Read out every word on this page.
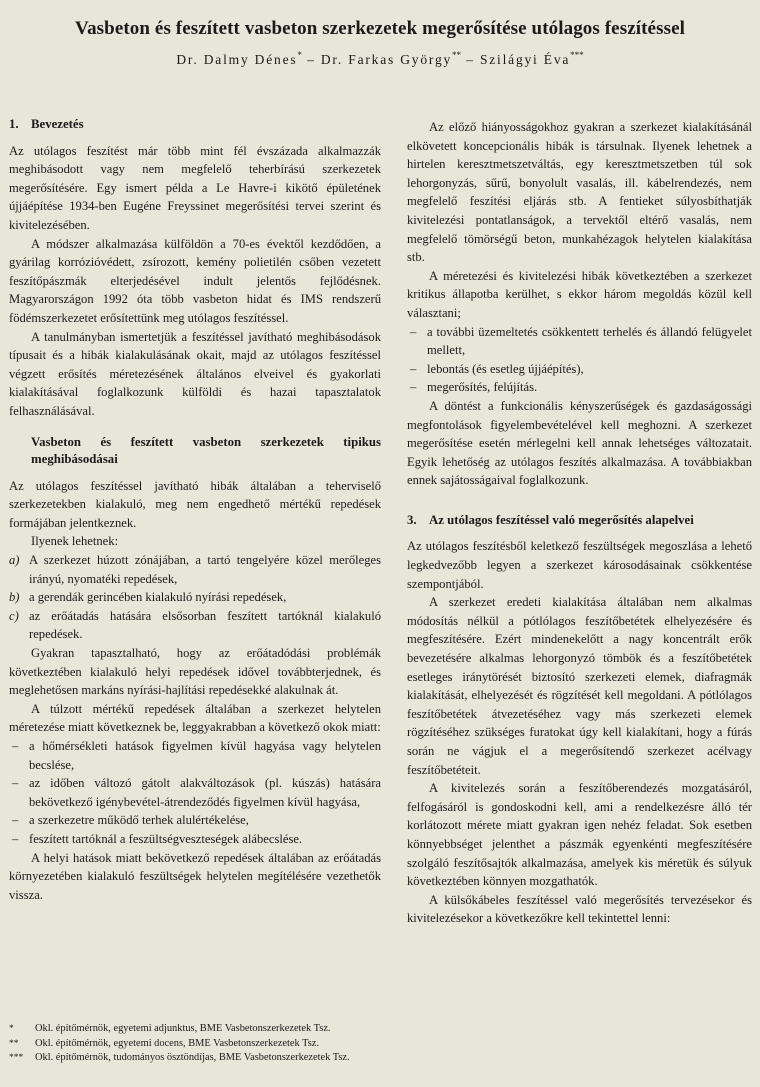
Vasbeton és feszített vasbeton szerkezetek megerősítése utólagos feszítéssel
Dr. Dalmy Dénes* – Dr. Farkas György** – Szilágyi Éva***
1. Bevezetés

Az utólagos feszítést már több mint fél évszázada alkalmazzák meghibásodott vagy nem megfelelő teherbírású szerkezetek megerősítésére. Egy ismert példa a Le Havre-i kikötő épületének újjáépítése 1934-ben Eugéne Freyssinet megerősítési tervei szerint és kivitelezésében.

A módszer alkalmazása külföldön a 70-es évektől kezdődően, a gyárilag korrózióvédett, zsírozott, kemény polietilén csőben vezetett feszítőpászmák elterjedésével indult jelentős fejlődésnek. Magyarországon 1992 óta több vasbeton hidat és IMS rendszerű födémszerkezetet erősítettünk meg utólagos feszítéssel.

A tanulmányban ismertetjük a feszítéssel javítható meghibásodások típusait és a hibák kialakulásának okait, majd az utólagos feszítéssel végzett erősítés méretezésének általános elveivel és gyakorlati kialakításával foglalkozunk külföldi és hazai tapasztalatok felhasználásával.

Vasbeton és feszített vasbeton szerkezetek tipikus meghibásodásai

Az utólagos feszítéssel javítható hibák általában a teherviselő szerkezetekben kialakuló, meg nem engedhető mértékű repedések formájában jelentkeznek.

Ilyenek lehetnek:

a) A szerkezet húzott zónájában, a tartó tengelyére közel merőleges irányú, nyomatéki repedések,
b) a gerendák gerincében kialakuló nyírási repedések,
c) az erőátadás hatására elsősorban feszített tartóknál kialakuló repedések.

Gyakran tapasztalható, hogy az erőátadódási problémák következtében kialakuló helyi repedések idővel továbbterjednek, és meglehetősen markáns nyírási-hajlítási repedésekké alakulnak át.

A túlzott mértékű repedések általában a szerkezet helytelen méretezése miatt következnek be, leggyakrabban a következő okok miatt:

– a hőmérsékleti hatások figyelmen kívül hagyása vagy helytelen becslése,
– az időben változó gátolt alakváltozások (pl. kúszás) hatására bekövetkező igénybevétel-átrendeződés figyelmen kívül hagyása,
– a szerkezetre működő terhek alulértékelése,
– feszített tartóknál a feszültségveszteségek alábecslése.

A helyi hatások miatt bekövetkező repedések általában az erőátadás környezetében kialakuló feszültségek helytelen megítélésére vezethetők vissza.

Az előző hiányosságokhoz gyakran a szerkezet kialakításánál elkövetett koncepcionális hibák is társulnak. Ilyenek lehetnek a hirtelen keresztmetszetváltás, egy keresztmetszetben túl sok lehorgonyzás, sűrű, bonyolult vasalás, ill. kábelrendezés, nem megfelelő feszítési eljárás stb. A fentieket súlyosbíthatják kivitelezési pontatlanságok, a tervektől eltérő vasalás, nem megfelelő tömörségű beton, munkahézagok helytelen kialakítása stb.

A méretezési és kivitelezési hibák következtében a szerkezet kritikus állapotba kerülhet, s ekkor három megoldás közül kell választani;

– a további üzemeltetés csökkentett terhelés és állandó felügyelet mellett,
– lebontás (és esetleg újjáépítés),
– megerősítés, felújítás.

A döntést a funkcionális kényszerűségek és gazdaságossági megfontolások figyelembevételével kell meghozni. A szerkezet megerősítése esetén mérlegelni kell annak lehetséges változatait. Egyik lehetőség az utólagos feszítés alkalmazása. A továbbiakban ennek sajátosságaival foglalkozunk.

3. Az utólagos feszítéssel való megerősítés alapelvei

Az utólagos feszítésből keletkező feszültségek megoszlása a lehető legkedvezőbb legyen a szerkezet károsodásainak csökkentése szempontjából.

A szerkezet eredeti kialakítása általában nem alkalmas módosítás nélkül a pótlólagos feszítőbetétek elhelyezésére és megfeszítésére. Ezért mindenekelőtt a nagy koncentrált erők bevezetésére alkalmas lehorgonyzó tömbök és a feszítőbetétek esetleges iránytörését biztosító szerkezeti elemek, diafragmák kialakítását, elhelyezését és rögzítését kell megoldani. A pótlólagos feszítőbetétek átvezetéséhez vagy más szerkezeti elemek rögzítéséhez szükséges furatokat úgy kell kialakítani, hogy a fúrás során ne vágjuk el a megerősítendő szerkezet acélvagy feszítőbetéteit.

A kivitelezés során a feszítőberendezés mozgatásáról, felfogásáról is gondoskodni kell, ami a rendelkezésre álló tér korlátozott mérete miatt gyakran igen nehéz feladat. Sok esetben könnyebbséget jelenthet a pászmák egyenkénti megfeszítésére szolgáló feszítősajtók alkalmazása, amelyek kis méretük és súlyuk következtében könnyen mozgathatók.

A külsőkábeles feszítéssel való megerősítés tervezésekor és kivitelezésekor a következőkre kell tekintettel lenni:

* Okl. építőmérnök, egyetemi adjunktus, BME Vasbetonszerkezetek Tsz.
** Okl. építőmérnök, egyetemi docens, BME Vasbetonszerkezetek Tsz.
*** Okl. építőmérnök, tudományos ösztöndíjas, BME Vasbetonszerkezetek Tsz.
